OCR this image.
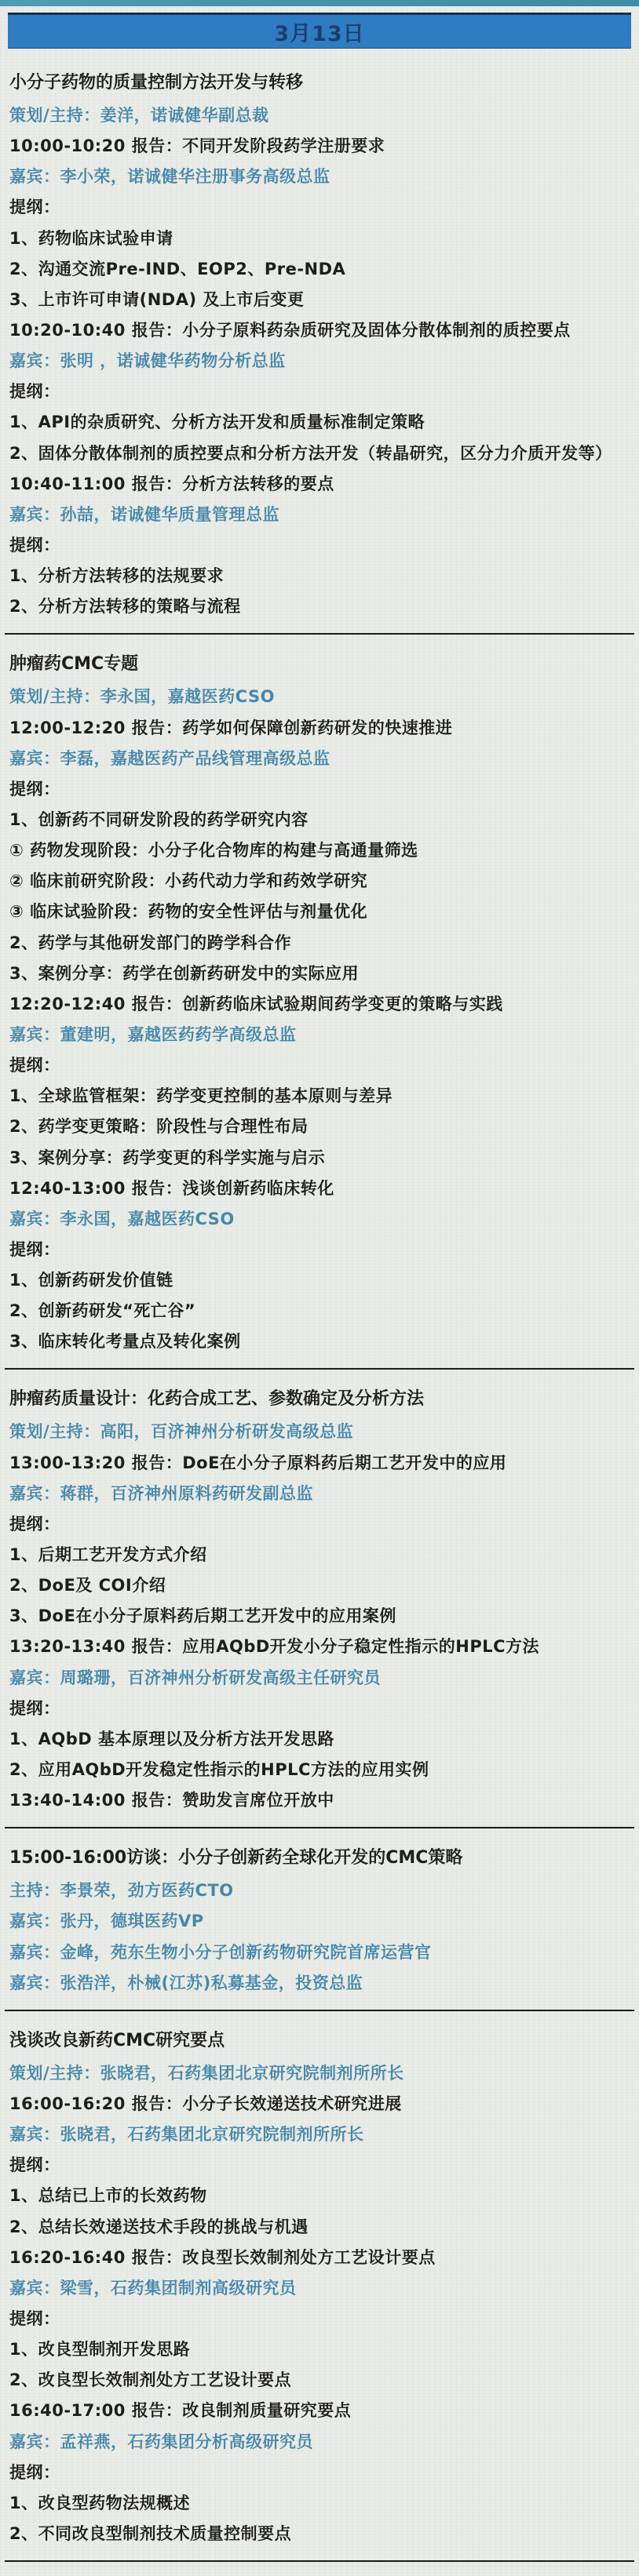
3月13日
小分子药物的质量控制方法开发与转移
策划/主持：姜洋，诺诚健华副总裁
10:00-10:20 报告：不同开发阶段药学注册要求
嘉宾：李小荣，诺诚健华注册事务高级总监
提纲：
1、药物临床试验申请
2、沟通交流Pre-IND、EOP2、Pre-NDA
3、上市许可申请(NDA) 及上市后变更
10:20-10:40 报告：小分子原料药杂质研究及固体分散体制剂的质控要点
嘉宾：张明 ，诺诚健华药物分析总监
提纲：
1、API的杂质研究、分析方法开发和质量标准制定策略
2、固体分散体制剂的质控要点和分析方法开发（转晶研究，区分力介质开发等）
10:40-11:00 报告：分析方法转移的要点
嘉宾：孙喆，诺诚健华质量管理总监
提纲：
1、分析方法转移的法规要求
2、分析方法转移的策略与流程
肿瘤药CMC专题
策划/主持：李永国，嘉越医药CSO
12:00-12:20 报告：药学如何保障创新药研发的快速推进
嘉宾：李磊，嘉越医药产品线管理高级总监
提纲：
1、创新药不同研发阶段的药学研究内容
① 药物发现阶段：小分子化合物库的构建与高通量筛选
② 临床前研究阶段：小药代动力学和药效学研究
③ 临床试验阶段：药物的安全性评估与剂量优化
2、药学与其他研发部门的跨学科合作
3、案例分享：药学在创新药研发中的实际应用
12:20-12:40 报告：创新药临床试验期间药学变更的策略与实践
嘉宾：董建明，嘉越医药药学高级总监
提纲：
1、全球监管框架：药学变更控制的基本原则与差异
2、药学变更策略：阶段性与合理性布局
3、案例分享：药学变更的科学实施与启示
12:40-13:00 报告：浅谈创新药临床转化
嘉宾：李永国，嘉越医药CSO
提纲：
1、创新药研发价值链
2、创新药研发“死亡谷”
3、临床转化考量点及转化案例
肿瘤药质量设计：化药合成工艺、参数确定及分析方法
策划/主持：高阳，百济神州分析研发高级总监
13:00-13:20 报告：DoE在小分子原料药后期工艺开发中的应用
嘉宾：蒋群，百济神州原料药研发副总监
提纲：
1、后期工艺开发方式介绍
2、DoE及 COI介绍
3、DoE在小分子原料药后期工艺开发中的应用案例
13:20-13:40 报告：应用AQbD开发小分子稳定性指示的HPLC方法
嘉宾：周璐珊，百济神州分析研发高级主任研究员
提纲：
1、AQbD 基本原理以及分析方法开发思路
2、应用AQbD开发稳定性指示的HPLC方法的应用实例
13:40-14:00 报告：赞助发言席位开放中
15:00-16:00访谈：小分子创新药全球化开发的CMC策略
主持：李景荣，劲方医药CTO
嘉宾：张丹，德琪医药VP
嘉宾：金峰，苑东生物小分子创新药物研究院首席运营官
嘉宾：张浩洋，朴械(江苏)私募基金，投资总监
浅谈改良新药CMC研究要点
策划/主持：张晓君，石药集团北京研究院制剂所所长
16:00-16:20 报告：小分子长效递送技术研究进展
嘉宾：张晓君，石药集团北京研究院制剂所所长
提纲：
1、总结已上市的长效药物
2、总结长效递送技术手段的挑战与机遇
16:20-16:40 报告：改良型长效制剂处方工艺设计要点
嘉宾：梁雪，石药集团制剂高级研究员
提纲：
1、改良型制剂开发思路
2、改良型长效制剂处方工艺设计要点
16:40-17:00 报告：改良制剂质量研究要点
嘉宾：孟祥燕，石药集团分析高级研究员
提纲：
1、改良型药物法规概述
2、不同改良型制剂技术质量控制要点
